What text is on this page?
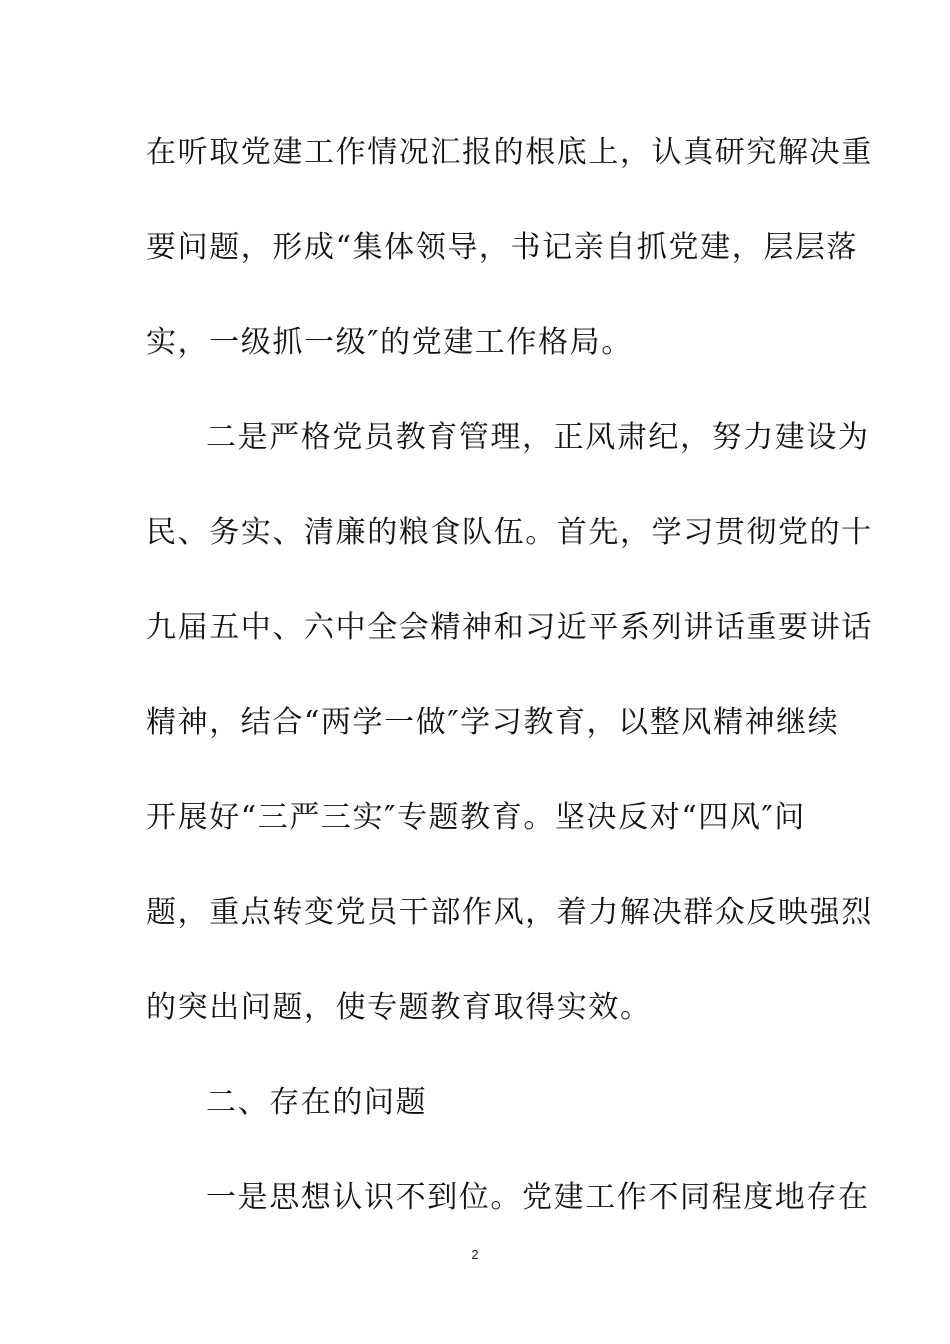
在听取党建工作情况汇报的根底上，认真研究解决重
要问题，形成“集体领导，书记亲自抓党建，层层落
实，一级抓一级″的党建工作格局。
二是严格党员教育管理，正风肃纪，努力建设为
民、务实、清廉的粮食队伍。首先，学习贯彻党的十
九届五中、六中全会精神和习近平系列讲话重要讲话
精神，结合“两学一做″学习教育，以整风精神继续
开展好“三严三实″专题教育。坚决反对“四风″问
题，重点转变党员干部作风，着力解决群众反映强烈
的突出问题，使专题教育取得实效。
二、存在的问题
一是思想认识不到位。党建工作不同程度地存在
2
